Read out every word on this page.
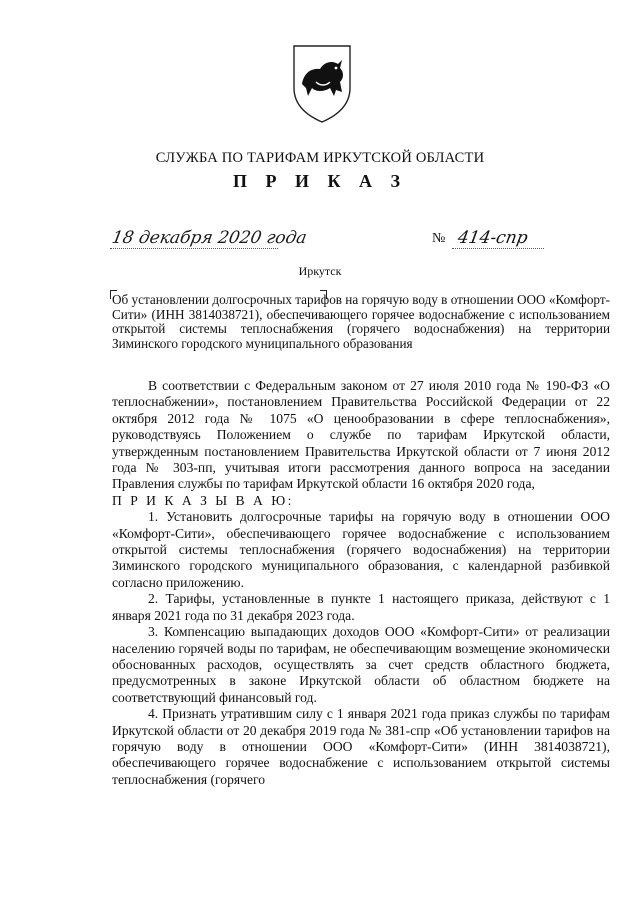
СЛУЖБА ПО ТАРИФАМ ИРКУТСКОЙ ОБЛАСТИ
П Р И К А З
18 декабря 2020 года	№ 414-спр
Иркутск
Об установлении долгосрочных тарифов на горячую воду в отношении ООО «Комфорт-Сити» (ИНН 3814038721), обеспечивающего горячее водоснабжение с использованием открытой системы теплоснабжения (горячего водоснабжения) на территории Зиминского городского муниципального образования

В соответствии с Федеральным законом от 27 июля 2010 года № 190-ФЗ «О теплоснабжении», постановлением Правительства Российской Федерации от 22 октября 2012 года № 1075 «О ценообразовании в сфере теплоснабжения», руководствуясь Положением о службе по тарифам Иркутской области, утвержденным постановлением Правительства Иркутской области от 7 июня 2012 года № 303-пп, учитывая итоги рассмотрения данного вопроса на заседании Правления службы по тарифам Иркутской области 16 октября 2020 года,

П Р И К А З Ы В А Ю:

1. Установить долгосрочные тарифы на горячую воду в отношении ООО «Комфорт-Сити», обеспечивающего горячее водоснабжение с использованием открытой системы теплоснабжения (горячего водоснабжения) на территории Зиминского городского муниципального образования, с календарной разбивкой согласно приложению.

2. Тарифы, установленные в пункте 1 настоящего приказа, действуют с 1 января 2021 года по 31 декабря 2023 года.

3. Компенсацию выпадающих доходов ООО «Комфорт-Сити» от реализации населению горячей воды по тарифам, не обеспечивающим возмещение экономически обоснованных расходов, осуществлять за счет средств областного бюджета, предусмотренных в законе Иркутской области об областном бюджете на соответствующий финансовый год.

4. Признать утратившим силу с 1 января 2021 года приказ службы по тарифам Иркутской области от 20 декабря 2019 года № 381-спр «Об установлении тарифов на горячую воду в отношении ООО «Комфорт-Сити» (ИНН 3814038721), обеспечивающего горячее водоснабжение с использованием открытой системы теплоснабжения (горячего
